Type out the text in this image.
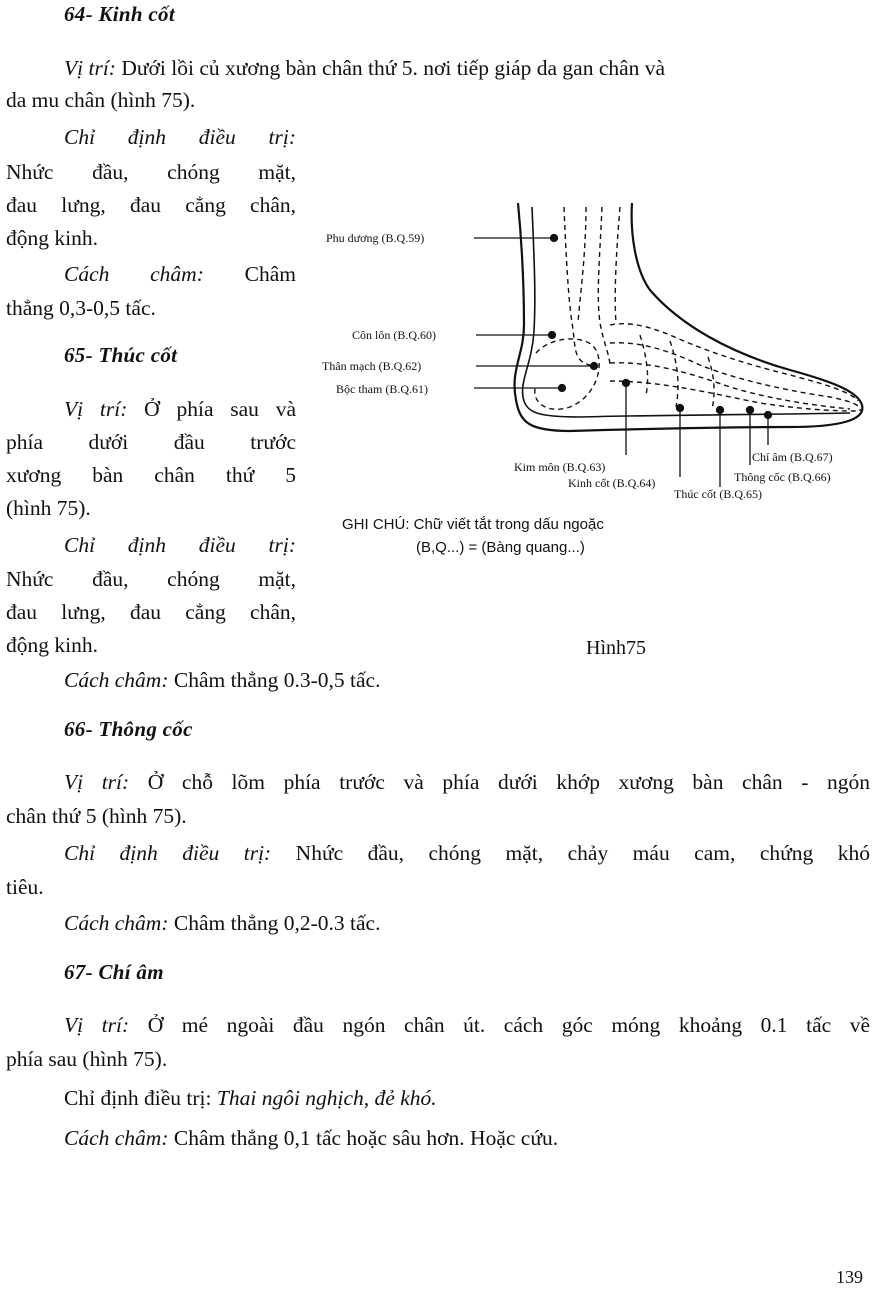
64- Kinh cốt
Vị trí: Dưới lồi củ xương bàn chân thứ 5. nơi tiếp giáp da gan chân và
da mu chân (hình 75).
Chỉ định điều trị:
Nhức đầu, chóng mặt,
đau lưng, đau cẳng chân,
động kinh.
Cách châm: Châm
thẳng 0,3-0,5 tấc.
65- Thúc cốt
Vị trí: Ở phía sau và
phía dưới đầu trước
xương bàn chân thứ 5
(hình 75).
Chỉ định điều trị:
Nhức đầu, chóng mặt,
đau lưng, đau cẳng chân,
động kinh.
Cách châm: Châm thẳng 0.3-0,5 tấc.
66- Thông cốc
Vị trí: Ở chỗ lõm phía trước và phía dưới khớp xương bàn chân - ngón
chân thứ 5 (hình 75).
Chỉ định điều trị: Nhức đầu, chóng mặt, chảy máu cam, chứng khó
tiêu.
Cách châm: Châm thẳng 0,2-0.3 tấc.
67- Chí âm
Vị trí: Ở mé ngoài đầu ngón chân út. cách góc móng khoảng 0.1 tấc về
phía sau (hình 75).
Chỉ định điều trị: Thai ngôi nghịch, đẻ khó.
Cách châm: Châm thẳng 0,1 tấc hoặc sâu hơn. Hoặc cứu.
Phu dương (B.Q.59)
Côn lôn (B.Q.60)
Thân mạch (B.Q.62)
Bộc tham (B.Q.61)
Kim môn (B.Q.63)
Kinh cốt (B.Q.64)
Thúc cốt (B.Q.65)
Thông cốc (B.Q.66)
Chí âm (B.Q.67)
GHI CHÚ: Chữ viết tắt trong dấu ngoặc
(B,Q...) = (Bàng quang...)
Hình75
139
